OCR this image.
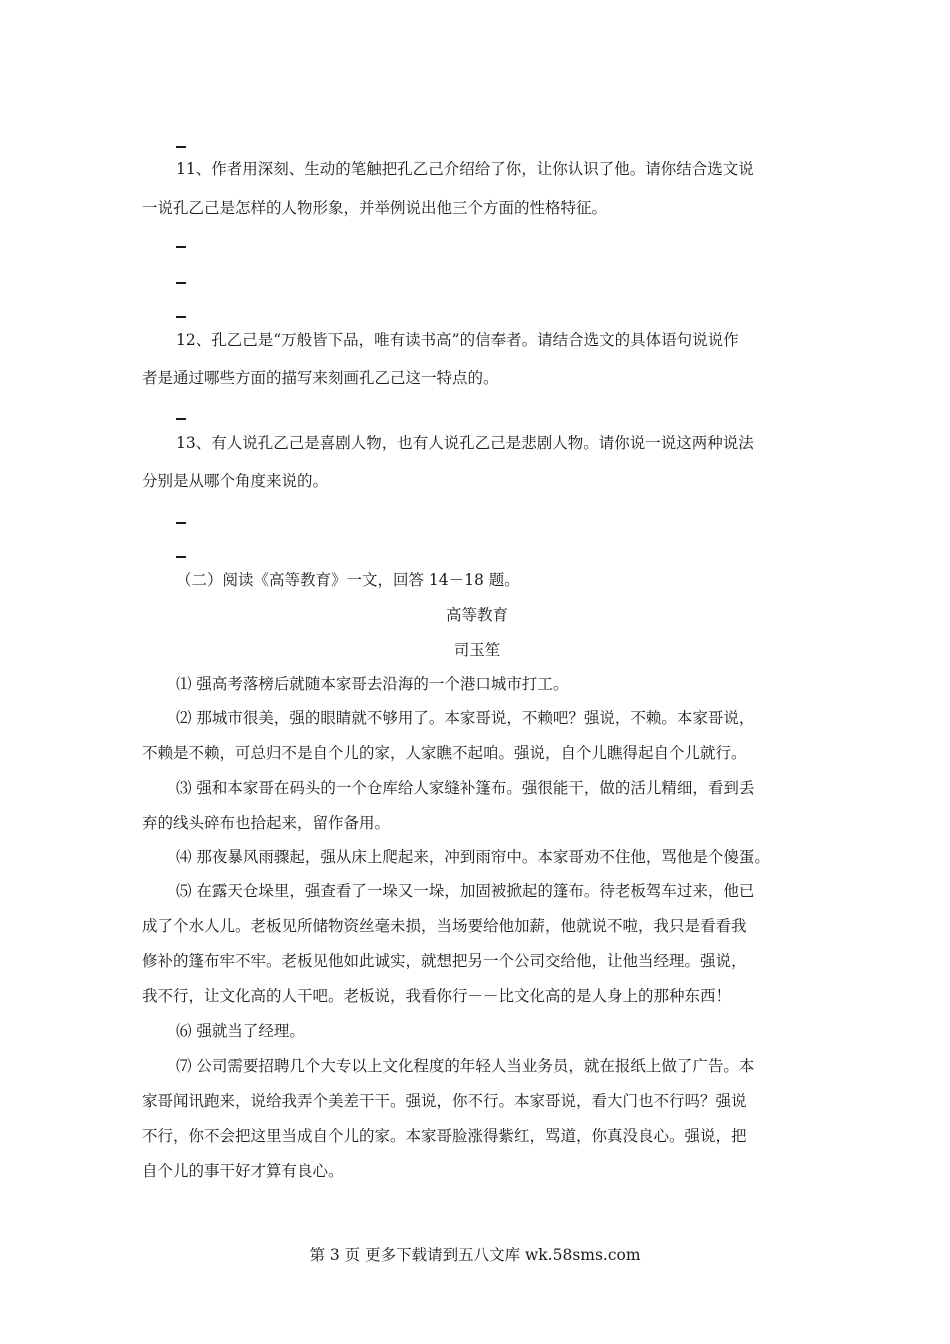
11、作者用深刻、生动的笔触把孔乙己介绍给了你，让你认识了他。请你结合选文说
一说孔乙己是怎样的人物形象，并举例说出他三个方面的性格特征。
12、孔乙己是“万般皆下品，唯有读书高”的信奉者。请结合选文的具体语句说说作
者是通过哪些方面的描写来刻画孔乙己这一特点的。
13、有人说孔乙己是喜剧人物，也有人说孔乙己是悲剧人物。请你说一说这两种说法
分别是从哪个角度来说的。
（二）阅读《高等教育》一文，回答 14－18 题。
高等教育
司玉笙
⑴ 强高考落榜后就随本家哥去沿海的一个港口城市打工。
⑵ 那城市很美，强的眼睛就不够用了。本家哥说，不赖吧？强说，不赖。本家哥说，
不赖是不赖，可总归不是自个儿的家，人家瞧不起咱。强说，自个儿瞧得起自个儿就行。
⑶ 强和本家哥在码头的一个仓库给人家缝补篷布。强很能干，做的活儿精细，看到丢
弃的线头碎布也拾起来，留作备用。
⑷ 那夜暴风雨骤起，强从床上爬起来，冲到雨帘中。本家哥劝不住他，骂他是个傻蛋。
⑸ 在露天仓垛里，强查看了一垛又一垛，加固被掀起的篷布。待老板驾车过来，他已
成了个水人儿。老板见所储物资丝毫未损，当场要给他加薪，他就说不啦，我只是看看我
修补的篷布牢不牢。老板见他如此诚实，就想把另一个公司交给他，让他当经理。强说，
我不行，让文化高的人干吧。老板说，我看你行－－比文化高的是人身上的那种东西！
⑹ 强就当了经理。
⑺ 公司需要招聘几个大专以上文化程度的年轻人当业务员，就在报纸上做了广告。本
家哥闻讯跑来，说给我弄个美差干干。强说，你不行。本家哥说，看大门也不行吗？强说
不行，你不会把这里当成自个儿的家。本家哥脸涨得紫红，骂道，你真没良心。强说，把
自个儿的事干好才算有良心。
第 3 页 更多下载请到五八文库 wk.58sms.com
